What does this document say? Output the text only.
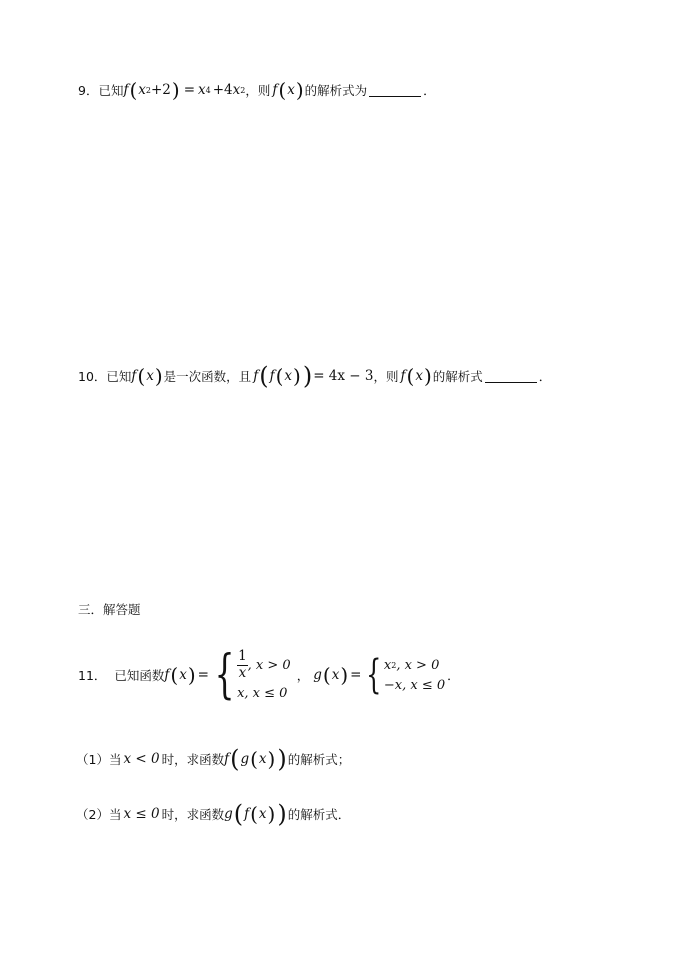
9． 已知 f ( x 2 +2 ) = x 4 +4 x 2 ，则 f ( x ) 的解析式为	．
10． 已知 f ( x ) 是一次函数，且 f ( f ( x ) ) = 4x − 3 ，则 f ( x ) 的解析式	．
三．解答题
11． 已知函数 f ( x ) = { $\frac{1}{x}$ , x > 0
x, x ≤ 0
， g ( x ) = { x 2 , x > 0
−x, x ≤ 0
．
（1）当 x < 0 时，求函数 f ( g ( x ) ) 的解析式；
（2）当 x ≤ 0 时，求函数 g ( f ( x ) ) 的解析式．
